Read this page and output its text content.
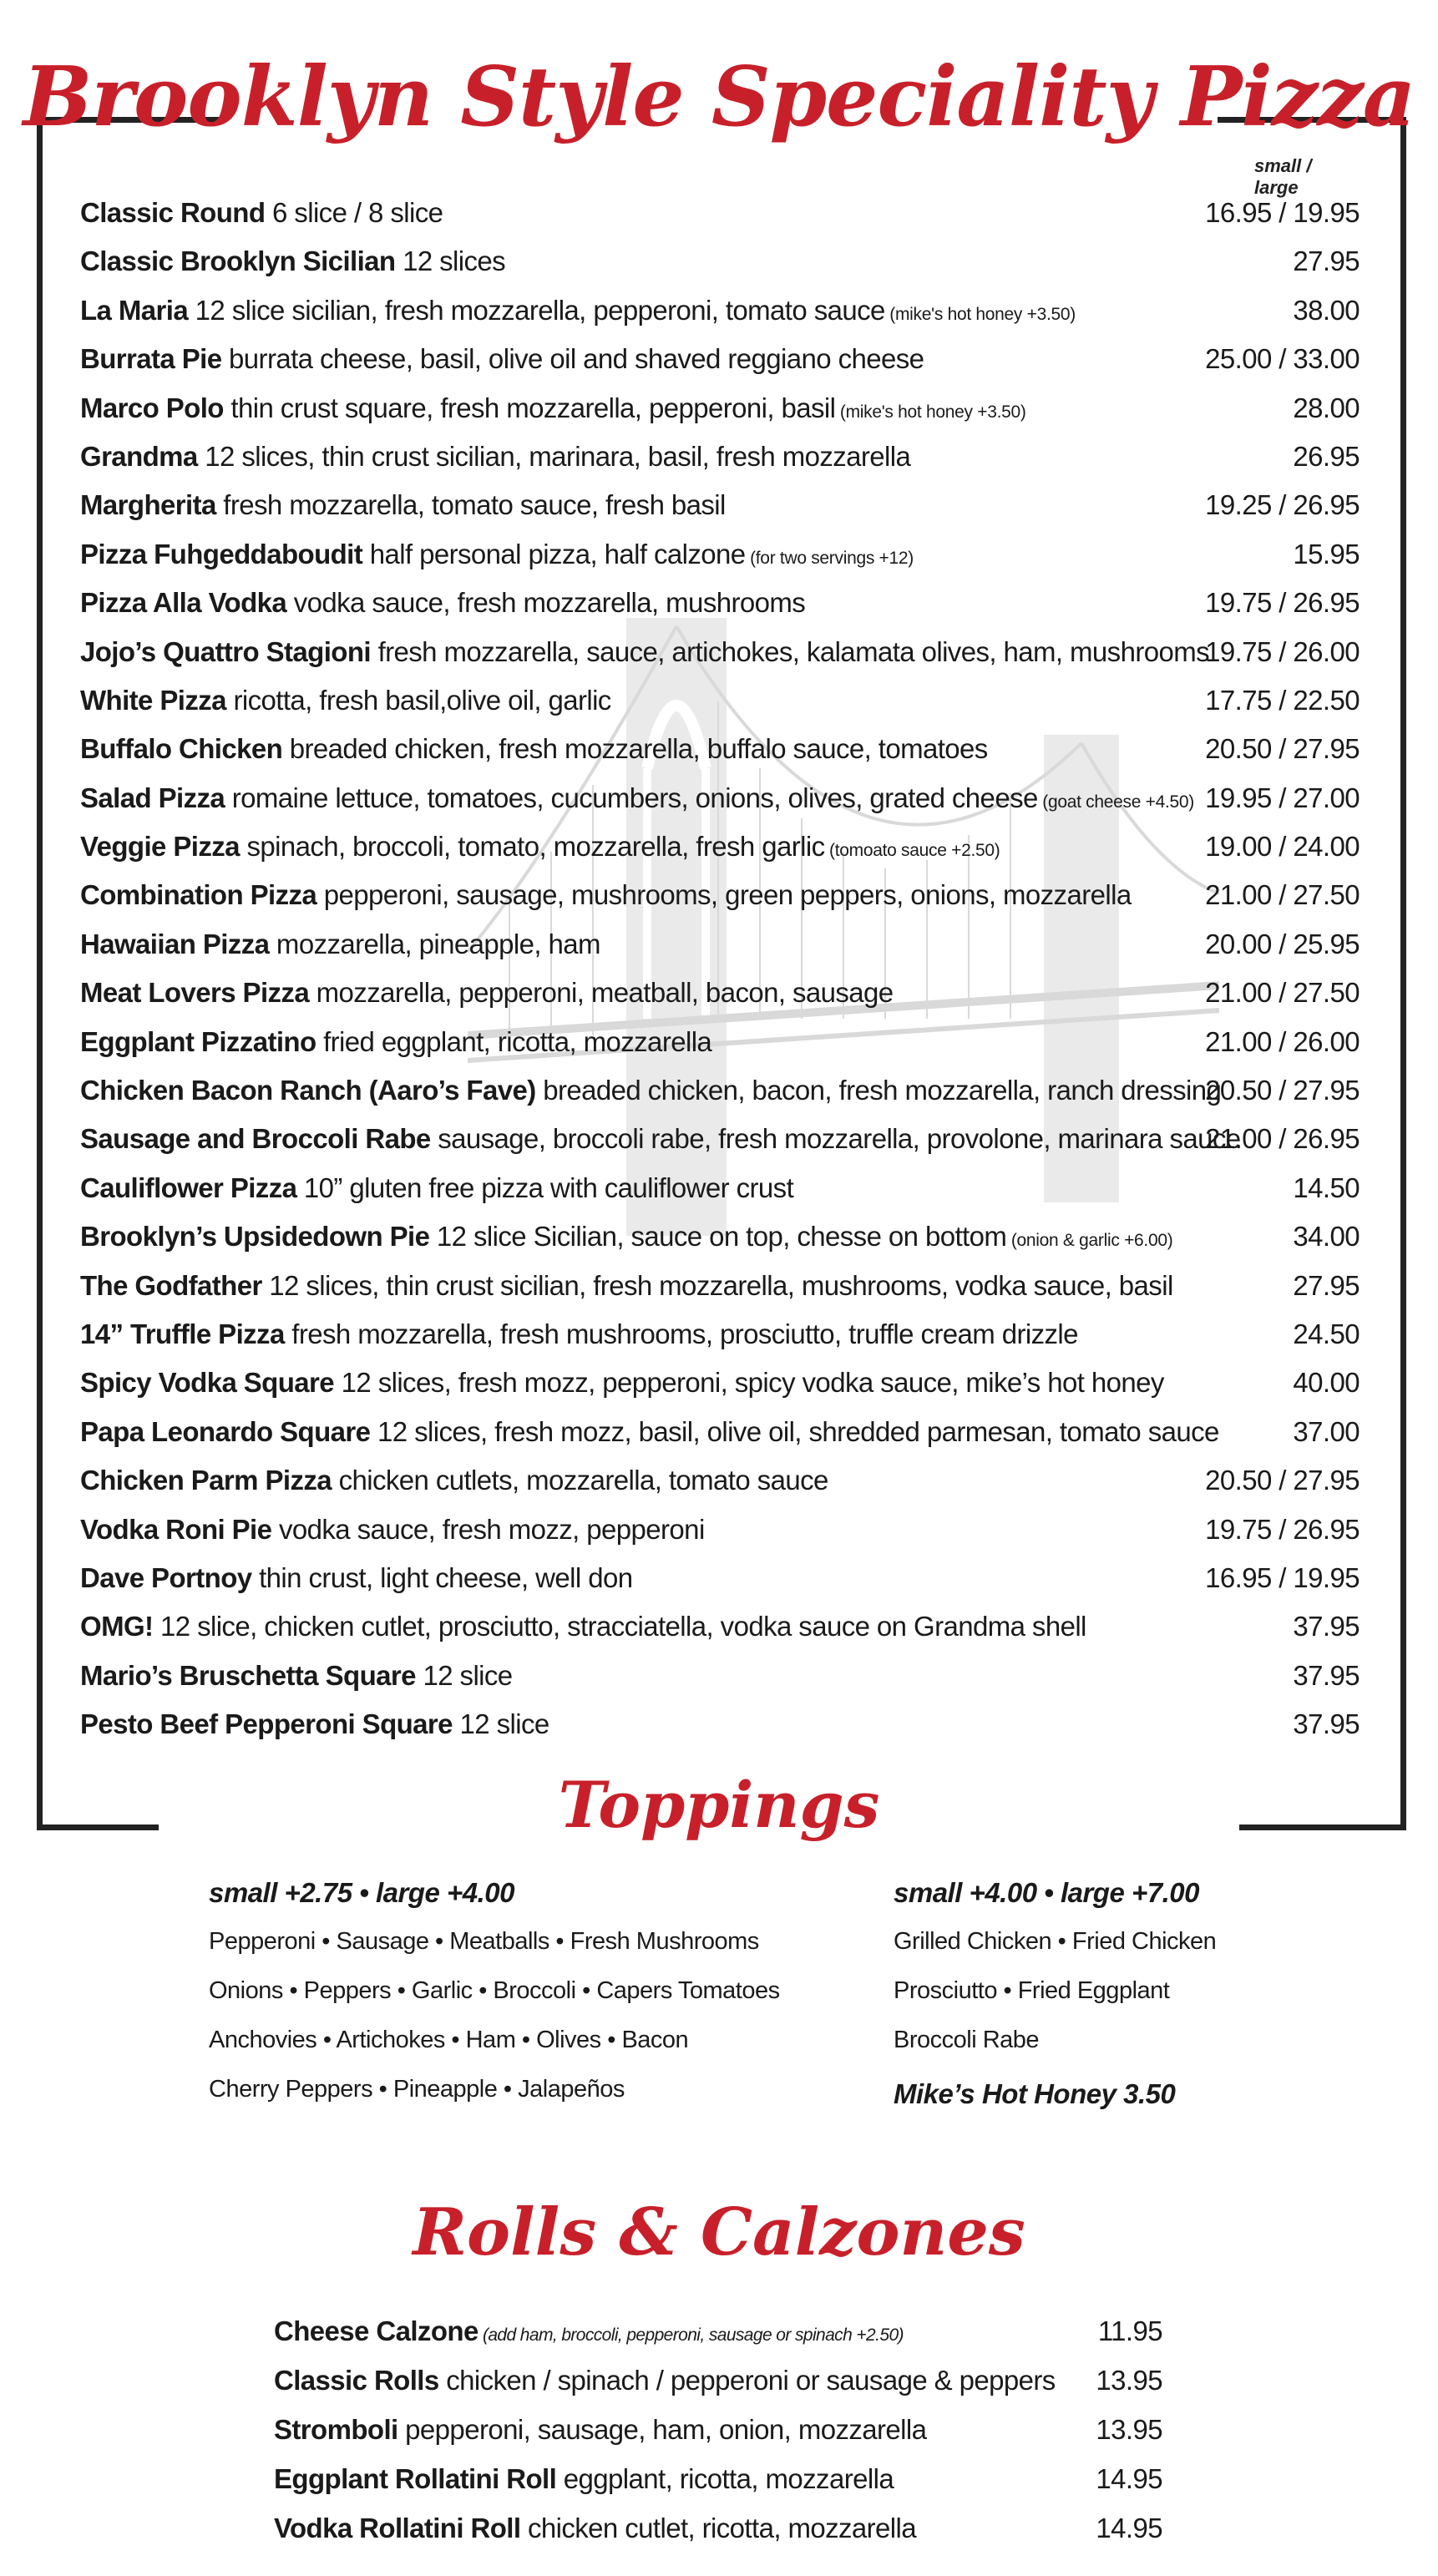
Brooklyn Style Speciality Pizza
small / large
Classic Round 6 slice / 8 slice	16.95 / 19.95
Classic Brooklyn Sicilian 12 slices	27.95
La Maria 12 slice sicilian, fresh mozzarella, pepperoni, tomato sauce (mike's hot honey +3.50)	38.00
Burrata Pie burrata cheese, basil, olive oil and shaved reggiano cheese	25.00 / 33.00
Marco Polo thin crust square, fresh mozzarella, pepperoni, basil (mike's hot honey +3.50)	28.00
Grandma 12 slices, thin crust sicilian, marinara, basil, fresh mozzarella	26.95
Margherita fresh mozzarella, tomato sauce, fresh basil	19.25 / 26.95
Pizza Fuhgeddaboudit half personal pizza, half calzone (for two servings +12)	15.95
Pizza Alla Vodka vodka sauce, fresh mozzarella, mushrooms	19.75 / 26.95
Jojo’s Quattro Stagioni fresh mozzarella, sauce, artichokes, kalamata olives, ham, mushrooms
19.75 / 26.00
White Pizza ricotta, fresh basil,olive oil, garlic	17.75 / 22.50
Buffalo Chicken breaded chicken, fresh mozzarella, buffalo sauce, tomatoes	20.50 / 27.95
Salad Pizza romaine lettuce, tomatoes, cucumbers, onions, olives, grated cheese (goat cheese +4.50) 19.95 / 27.00
Veggie Pizza spinach, broccoli, tomato, mozzarella, fresh garlic (tomoato sauce +2.50)	19.00 / 24.00
Combination Pizza pepperoni, sausage, mushrooms, green peppers, onions, mozzarella	21.00 / 27.50
Hawaiian Pizza mozzarella, pineapple, ham	20.00 / 25.95
Meat Lovers Pizza mozzarella, pepperoni, meatball, bacon, sausage	21.00 / 27.50
Eggplant Pizzatino fried eggplant, ricotta, mozzarella	21.00 / 26.00
Chicken Bacon Ranch (Aaro’s Fave) breaded chicken, bacon, fresh mozzarella, ranch dressing
20.50 / 27.95
Sausage and Broccoli Rabe sausage, broccoli rabe, fresh mozzarella, provolone, marinara sauce
21.00 / 26.95
Cauliflower Pizza 10” gluten free pizza with cauliflower crust	14.50
Brooklyn’s Upsidedown Pie 12 slice Sicilian, sauce on top, chesse on bottom (onion & garlic +6.00)	34.00
The Godfather 12 slices, thin crust sicilian, fresh mozzarella, mushrooms, vodka sauce, basil	27.95
14” Truffle Pizza fresh mozzarella, fresh mushrooms, prosciutto, truffle cream drizzle	24.50
Spicy Vodka Square 12 slices, fresh mozz, pepperoni, spicy vodka sauce, mike’s hot honey	40.00
Papa Leonardo Square 12 slices, fresh mozz, basil, olive oil, shredded parmesan, tomato sauce	37.00
Chicken Parm Pizza chicken cutlets, mozzarella, tomato sauce	20.50 / 27.95
Vodka Roni Pie vodka sauce, fresh mozz, pepperoni	19.75 / 26.95
Dave Portnoy thin crust, light cheese, well don	16.95 / 19.95
OMG! 12 slice, chicken cutlet, prosciutto, stracciatella, vodka sauce on Grandma shell	37.95
Mario’s Bruschetta Square 12 slice	37.95
Pesto Beef Pepperoni Square 12 slice	37.95
Toppings
small +2.75 • large +4.00
Pepperoni • Sausage • Meatballs • Fresh Mushrooms
Onions • Peppers • Garlic • Broccoli • Capers Tomatoes
Anchovies • Artichokes • Ham • Olives • Bacon
Cherry Peppers • Pineapple • Jalapeños
small +4.00 • large +7.00
Grilled Chicken • Fried Chicken
Prosciutto • Fried Eggplant
Broccoli Rabe
Mike’s Hot Honey 3.50
Rolls & Calzones
Cheese Calzone (add ham, broccoli, pepperoni, sausage or spinach +2.50)	11.95
Classic Rolls chicken / spinach / pepperoni or sausage & peppers 13.95
Stromboli pepperoni, sausage, ham, onion, mozzarella	13.95
Eggplant Rollatini Roll eggplant, ricotta, mozzarella	14.95
Vodka Rollatini Roll chicken cutlet, ricotta, mozzarella	14.95
